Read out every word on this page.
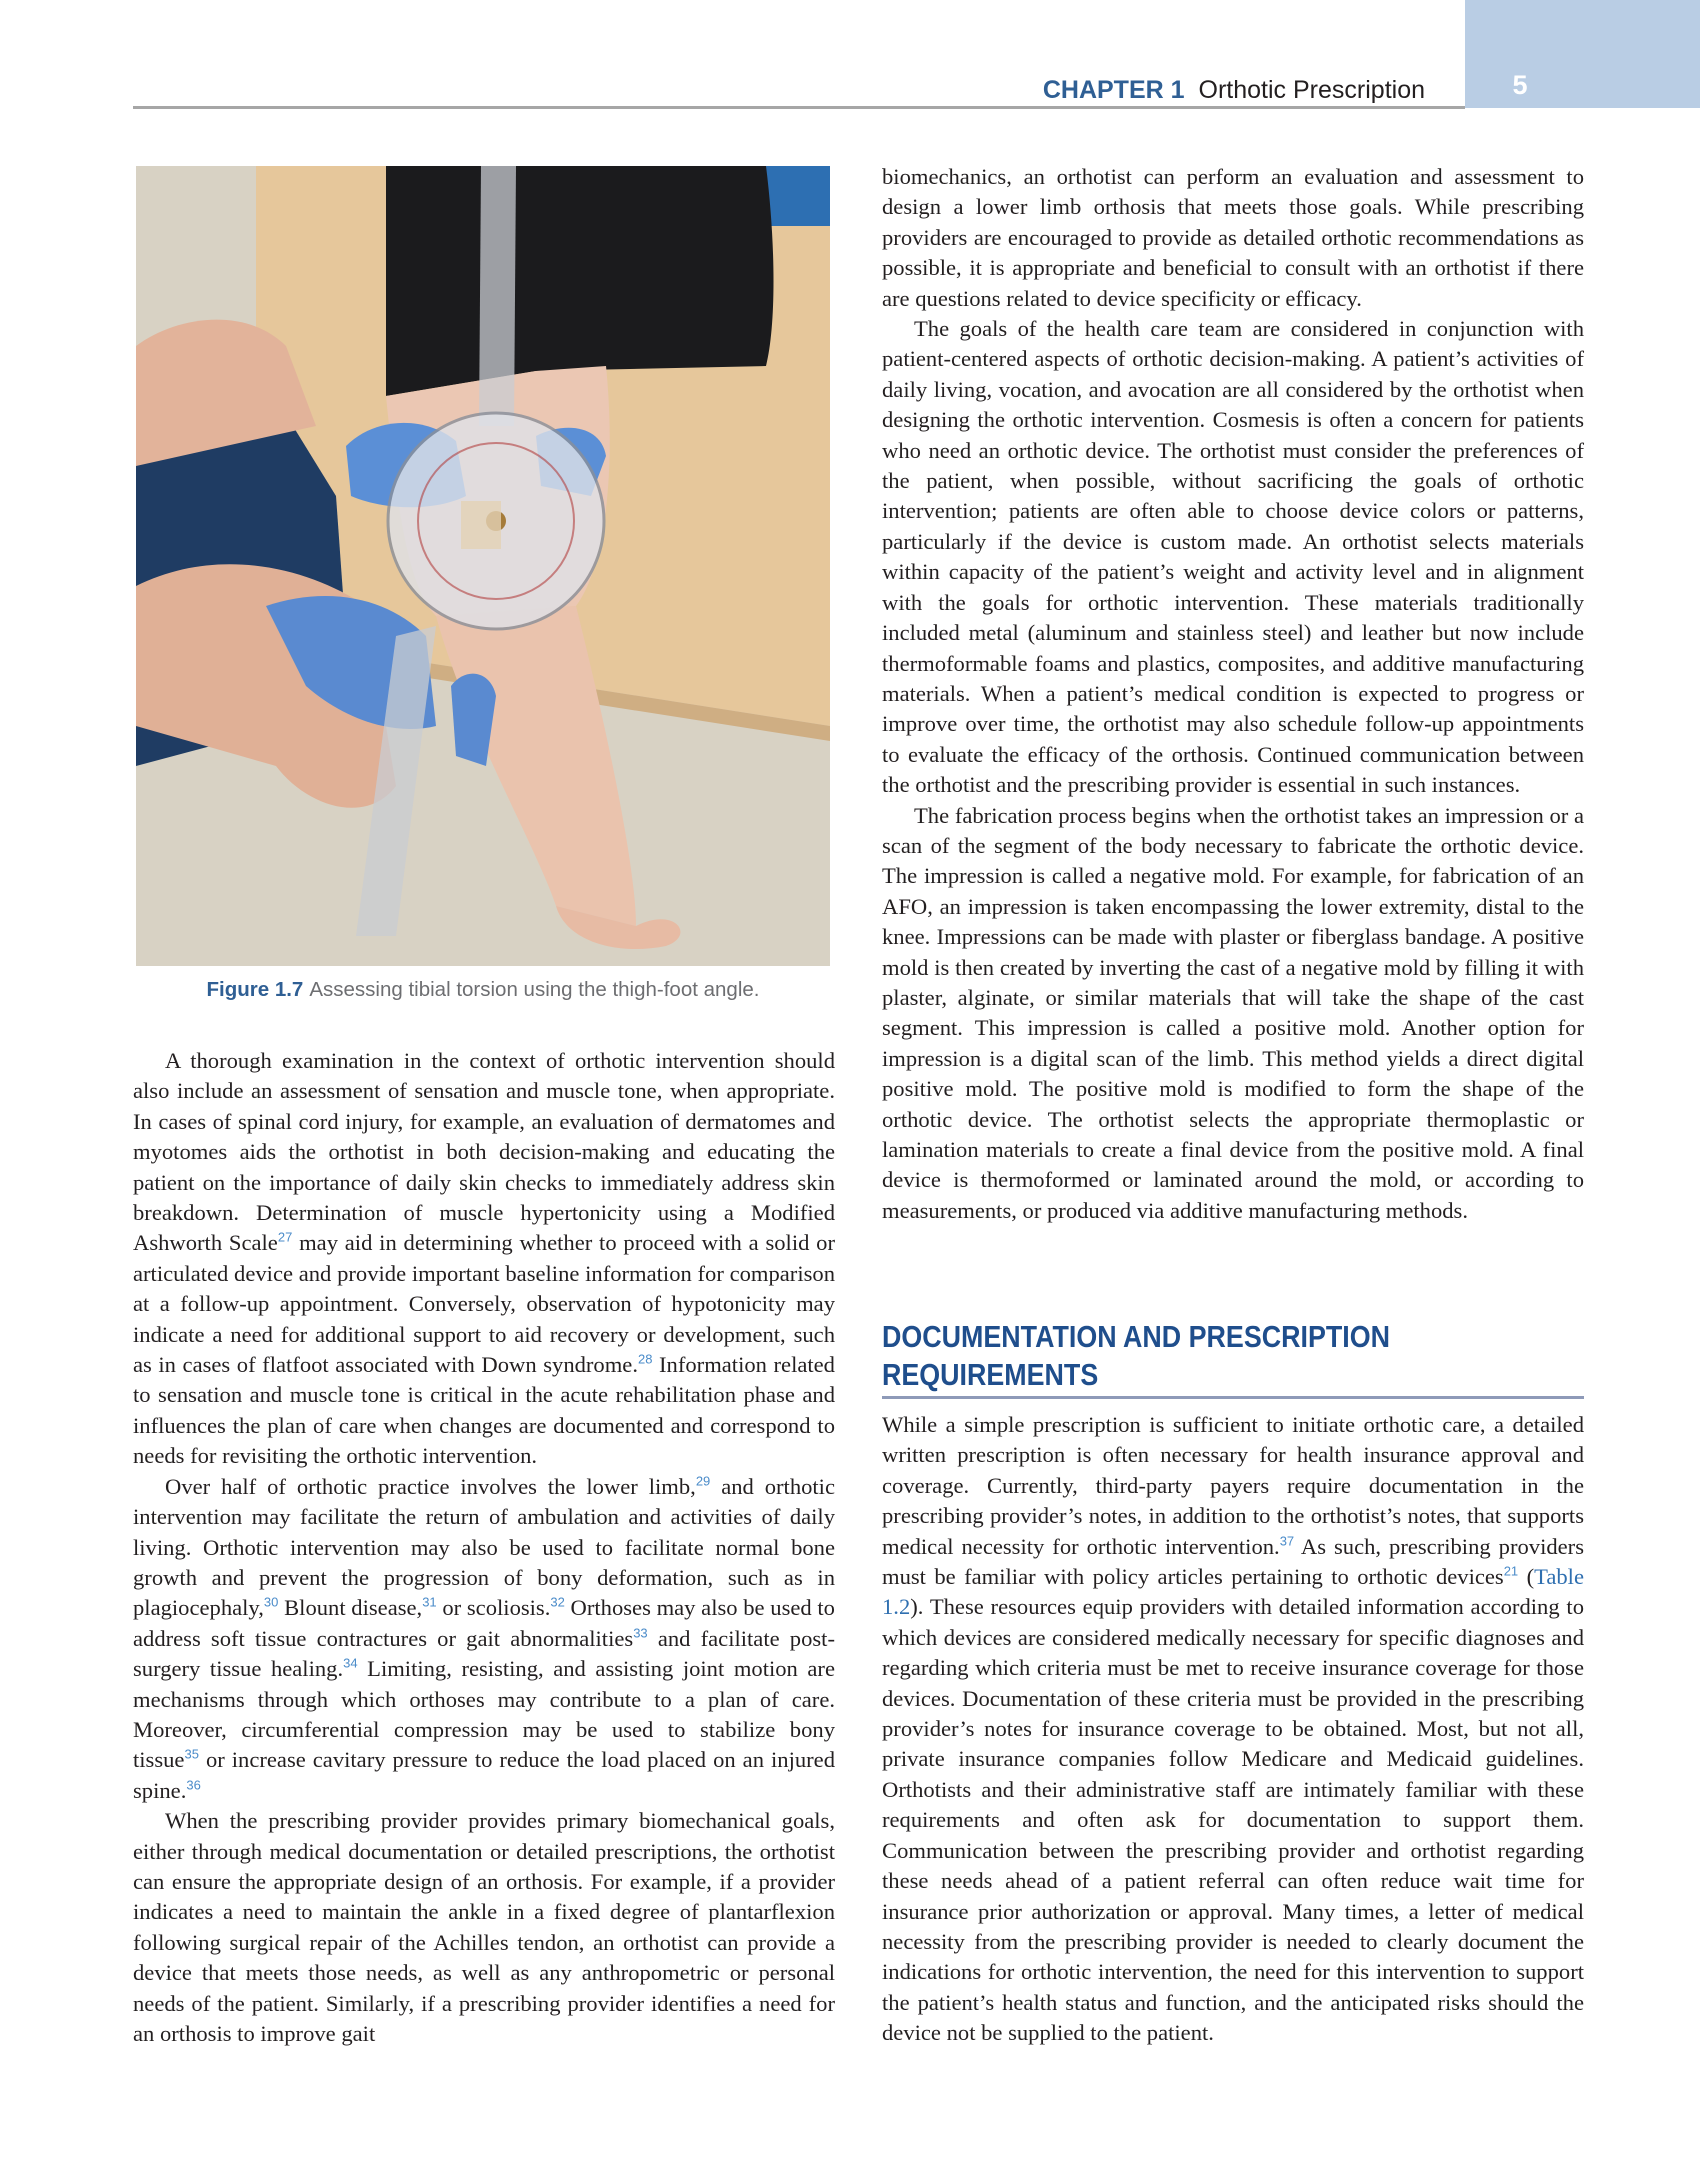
5
CHAPTER 1 Orthotic Prescription
Figure 1.7 Assessing tibial torsion using the thigh-foot angle.

A thorough examination in the context of orthotic intervention should also include an assessment of sensation and muscle tone, when appropriate. In cases of spinal cord injury, for example, an evaluation of dermatomes and myotomes aids the orthotist in both decision-making and educating the patient on the importance of daily skin checks to immediately address skin breakdown. Determination of muscle hypertonicity using a Modified Ashworth Scale$^{27}$ may aid in determining whether to proceed with a solid or articulated device and provide important baseline information for comparison at a follow-up appointment. Conversely, observation of hypotonicity may indicate a need for additional support to aid recovery or development, such as in cases of flatfoot associated with Down syndrome.$^{28}$ Information related to sensation and muscle tone is critical in the acute rehabilitation phase and influences the plan of care when changes are documented and correspond to needs for revisiting the orthotic intervention.

Over half of orthotic practice involves the lower limb,$^{29}$ and orthotic intervention may facilitate the return of ambulation and activities of daily living. Orthotic intervention may also be used to facilitate normal bone growth and prevent the progression of bony deformation, such as in plagiocephaly,$^{30}$ Blount disease,$^{31}$ or scoliosis.$^{32}$ Orthoses may also be used to address soft tissue contractures or gait abnormalities$^{33}$ and facilitate post-surgery tissue healing.$^{34}$ Limiting, resisting, and assisting joint motion are mechanisms through which orthoses may contribute to a plan of care. Moreover, circumferential compression may be used to stabilize bony tissue$^{35}$ or increase cavitary pressure to reduce the load placed on an injured spine.$^{36}$

When the prescribing provider provides primary biomechanical goals, either through medical documentation or detailed prescriptions, the orthotist can ensure the appropriate design of an orthosis. For example, if a provider indicates a need to maintain the ankle in a fixed degree of plantarflexion following surgical repair of the Achilles tendon, an orthotist can provide a device that meets those needs, as well as any anthropometric or personal needs of the patient. Similarly, if a prescribing provider identifies a need for an orthosis to improve gait

biomechanics, an orthotist can perform an evaluation and assessment to design a lower limb orthosis that meets those goals. While prescribing providers are encouraged to provide as detailed orthotic recommendations as possible, it is appropriate and beneficial to consult with an orthotist if there are questions related to device specificity or efficacy.

The goals of the health care team are considered in conjunction with patient-centered aspects of orthotic decision-making. A patient’s activities of daily living, vocation, and avocation are all considered by the orthotist when designing the orthotic intervention. Cosmesis is often a concern for patients who need an orthotic device. The orthotist must consider the preferences of the patient, when possible, without sacrificing the goals of orthotic intervention; patients are often able to choose device colors or patterns, particularly if the device is custom made. An orthotist selects materials within capacity of the patient’s weight and activity level and in alignment with the goals for orthotic intervention. These materials traditionally included metal (aluminum and stainless steel) and leather but now include thermoformable foams and plastics, composites, and additive manufacturing materials. When a patient’s medical condition is expected to progress or improve over time, the orthotist may also schedule follow-up appointments to evaluate the efficacy of the orthosis. Continued communication between the orthotist and the prescribing provider is essential in such instances.

The fabrication process begins when the orthotist takes an impression or a scan of the segment of the body necessary to fabricate the orthotic device. The impression is called a negative mold. For example, for fabrication of an AFO, an impression is taken encompassing the lower extremity, distal to the knee. Impressions can be made with plaster or fiberglass bandage. A positive mold is then created by inverting the cast of a negative mold by filling it with plaster, alginate, or similar materials that will take the shape of the cast segment. This impression is called a positive mold. Another option for impression is a digital scan of the limb. This method yields a direct digital positive mold. The positive mold is modified to form the shape of the orthotic device. The orthotist selects the appropriate thermoplastic or lamination materials to create a final device from the positive mold. A final device is thermoformed or laminated around the mold, or according to measurements, or produced via additive manufacturing methods.

DOCUMENTATION AND PRESCRIPTION
REQUIREMENTS

While a simple prescription is sufficient to initiate orthotic care, a detailed written prescription is often necessary for health insurance approval and coverage. Currently, third-party payers require documentation in the prescribing provider’s notes, in addition to the orthotist’s notes, that supports medical necessity for orthotic intervention.$^{37}$ As such, prescribing providers must be familiar with policy articles pertaining to orthotic devices$^{21}$ (Table 1.2). These resources equip providers with detailed information according to which devices are considered medically necessary for specific diagnoses and regarding which criteria must be met to receive insurance coverage for those devices. Documentation of these criteria must be provided in the prescribing provider’s notes for insurance coverage to be obtained. Most, but not all, private insurance companies follow Medicare and Medicaid guidelines. Orthotists and their administrative staff are intimately familiar with these requirements and often ask for documentation to support them. Communication between the prescribing provider and orthotist regarding these needs ahead of a patient referral can often reduce wait time for insurance prior authorization or approval. Many times, a letter of medical necessity from the prescribing provider is needed to clearly document the indications for orthotic intervention, the need for this intervention to support the patient’s health status and function, and the anticipated risks should the device not be supplied to the patient.
